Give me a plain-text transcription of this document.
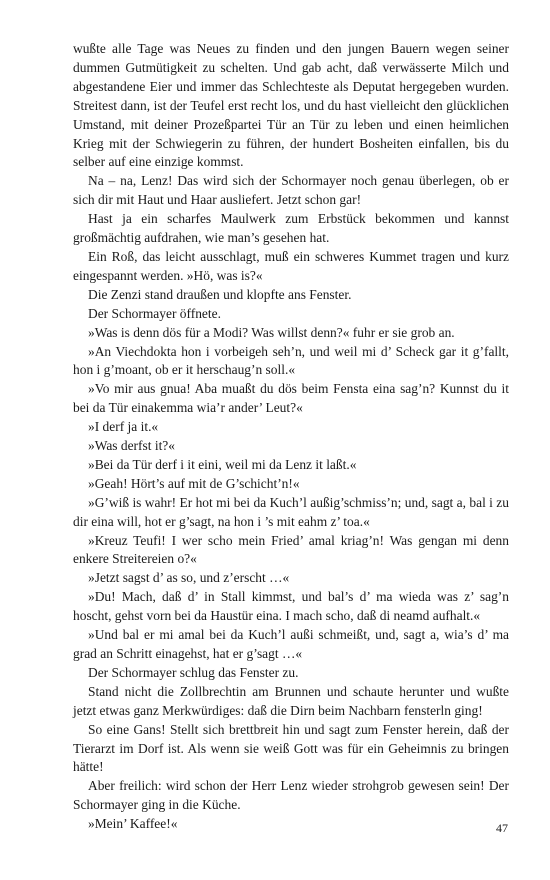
wußte alle Tage was Neues zu finden und den jungen Bauern wegen seiner dummen Gutmütigkeit zu schelten. Und gab acht, daß verwässerte Milch und abgestandene Eier und immer das Schlechteste als Deputat hergegeben wurden. Streitest dann, ist der Teufel erst recht los, und du hast vielleicht den glücklichen Umstand, mit deiner Prozeßpartei Tür an Tür zu leben und einen heimlichen Krieg mit der Schwiegerin zu führen, der hundert Bosheiten einfallen, bis du selber auf eine einzige kommst.

Na – na, Lenz! Das wird sich der Schormayer noch genau überlegen, ob er sich dir mit Haut und Haar ausliefert. Jetzt schon gar!

Hast ja ein scharfes Maulwerk zum Erbstück bekommen und kannst großmächtig aufdrahen, wie man’s gesehen hat.

Ein Roß, das leicht ausschlagt, muß ein schweres Kummet tragen und kurz eingespannt werden. »Hö, was is?«

Die Zenzi stand draußen und klopfte ans Fenster.

Der Schormayer öffnete.

»Was is denn dös für a Modi? Was willst denn?« fuhr er sie grob an.

»An Viechdokta hon i vorbeigeh seh’n, und weil mi d’ Scheck gar it g’fallt, hon i g’moant, ob er it herschaug’n soll.«

»Vo mir aus gnua! Aba muaßt du dös beim Fensta eina sag’n? Kunnst du it bei da Tür einakemma wia’r ander’ Leut?«

»I derf ja it.«

»Was derfst it?«

»Bei da Tür derf i it eini, weil mi da Lenz it laßt.«

»Geah! Hört’s auf mit de G’schicht’n!«

»G’wiß is wahr! Er hot mi bei da Kuch’l außig’schmiss’n; und, sagt a, bal i zu dir eina will, hot er g’sagt, na hon i ’s mit eahm z’ toa.«

»Kreuz Teufi! I wer scho mein Fried’ amal kriag’n! Was gengan mi denn enkere Streitereien o?«

»Jetzt sagst d’ as so, und z’erscht …«

»Du! Mach, daß d’ in Stall kimmst, und bal’s d’ ma wieda was z’ sag’n hoscht, gehst vorn bei da Haustür eina. I mach scho, daß di neamd aufhalt.«

»Und bal er mi amal bei da Kuch’l außi schmeißt, und, sagt a, wia’s d’ ma grad an Schritt einagehst, hat er g’sagt …«

Der Schormayer schlug das Fenster zu.

Stand nicht die Zollbrechtin am Brunnen und schaute herunter und wußte jetzt etwas ganz Merkwürdiges: daß die Dirn beim Nachbarn fensterln ging!

So eine Gans! Stellt sich brettbreit hin und sagt zum Fenster herein, daß der Tierarzt im Dorf ist. Als wenn sie weiß Gott was für ein Geheimnis zu bringen hätte!

Aber freilich: wird schon der Herr Lenz wieder strohgrob gewesen sein! Der Schormayer ging in die Küche.

»Mein’ Kaffee!«	47
